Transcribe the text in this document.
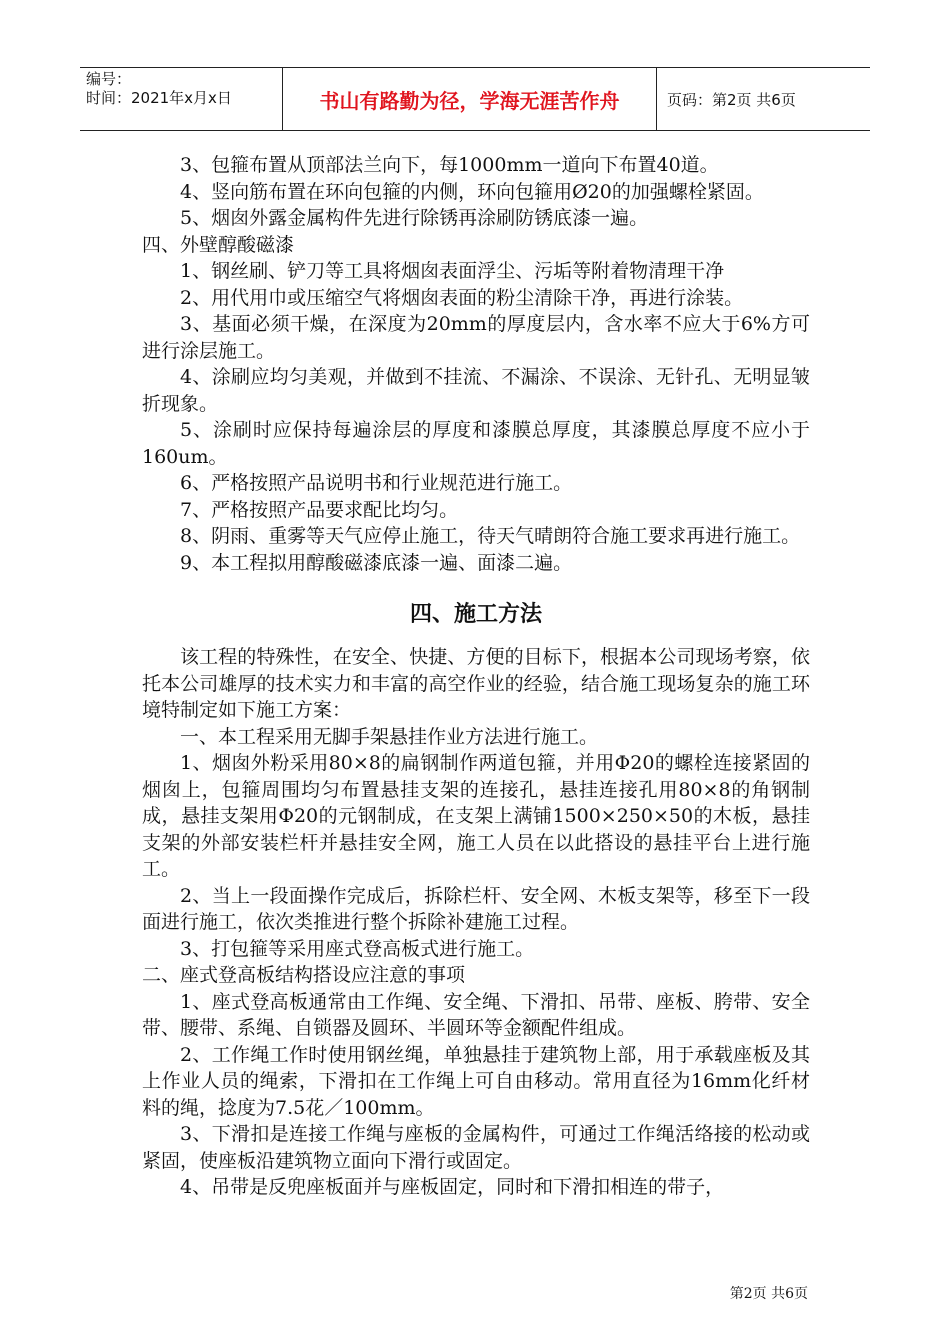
编号：
时间：2021年x月x日	书山有路勤为径，学海无涯苦作舟	页码：第2页 共6页

3、包箍布置从顶部法兰向下，每1000mm一道向下布置40道。

4、竖向筋布置在环向包箍的内侧，环向包箍用Ø20的加强螺栓紧固。

5、烟囱外露金属构件先进行除锈再涂刷防锈底漆一遍。

四、外壁醇酸磁漆

1、钢丝刷、铲刀等工具将烟囱表面浮尘、污垢等附着物清理干净

2、用代用巾或压缩空气将烟囱表面的粉尘清除干净，再进行涂装。

3、基面必须干燥，在深度为20mm的厚度层内，含水率不应大于6%方可进行涂层施工。

4、涂刷应均匀美观，并做到不挂流、不漏涂、不误涂、无针孔、无明显皱折现象。

5、涂刷时应保持每遍涂层的厚度和漆膜总厚度，其漆膜总厚度不应小于160um。

6、严格按照产品说明书和行业规范进行施工。

7、严格按照产品要求配比均匀。

8、阴雨、重雾等天气应停止施工，待天气晴朗符合施工要求再进行施工。

9、本工程拟用醇酸磁漆底漆一遍、面漆二遍。

四、施工方法

该工程的特殊性，在安全、快捷、方便的目标下，根据本公司现场考察，依托本公司雄厚的技术实力和丰富的高空作业的经验，结合施工现场复杂的施工环境特制定如下施工方案：

一、本工程采用无脚手架悬挂作业方法进行施工。

1、烟囱外粉采用80×8的扁钢制作两道包箍，并用Φ20的螺栓连接紧固的烟囱上，包箍周围均匀布置悬挂支架的连接孔，悬挂连接孔用80×8的角钢制成，悬挂支架用Φ20的元钢制成，在支架上满铺1500×250×50的木板，悬挂支架的外部安装栏杆并悬挂安全网，施工人员在以此搭设的悬挂平台上进行施工。

2、当上一段面操作完成后，拆除栏杆、安全网、木板支架等，移至下一段面进行施工，依次类推进行整个拆除补建施工过程。

3、打包箍等采用座式登高板式进行施工。

二、座式登高板结构搭设应注意的事项

1、座式登高板通常由工作绳、安全绳、下滑扣、吊带、座板、胯带、安全带、腰带、系绳、自锁器及圆环、半圆环等金额配件组成。

2、工作绳工作时使用钢丝绳，单独悬挂于建筑物上部，用于承载座板及其上作业人员的绳索，下滑扣在工作绳上可自由移动。常用直径为16mm化纤材料的绳，捻度为7.5花／100mm。

3、下滑扣是连接工作绳与座板的金属构件，可通过工作绳活络接的松动或紧固，使座板沿建筑物立面向下滑行或固定。

4、吊带是反兜座板面并与座板固定，同时和下滑扣相连的带子，

第2页 共6页
